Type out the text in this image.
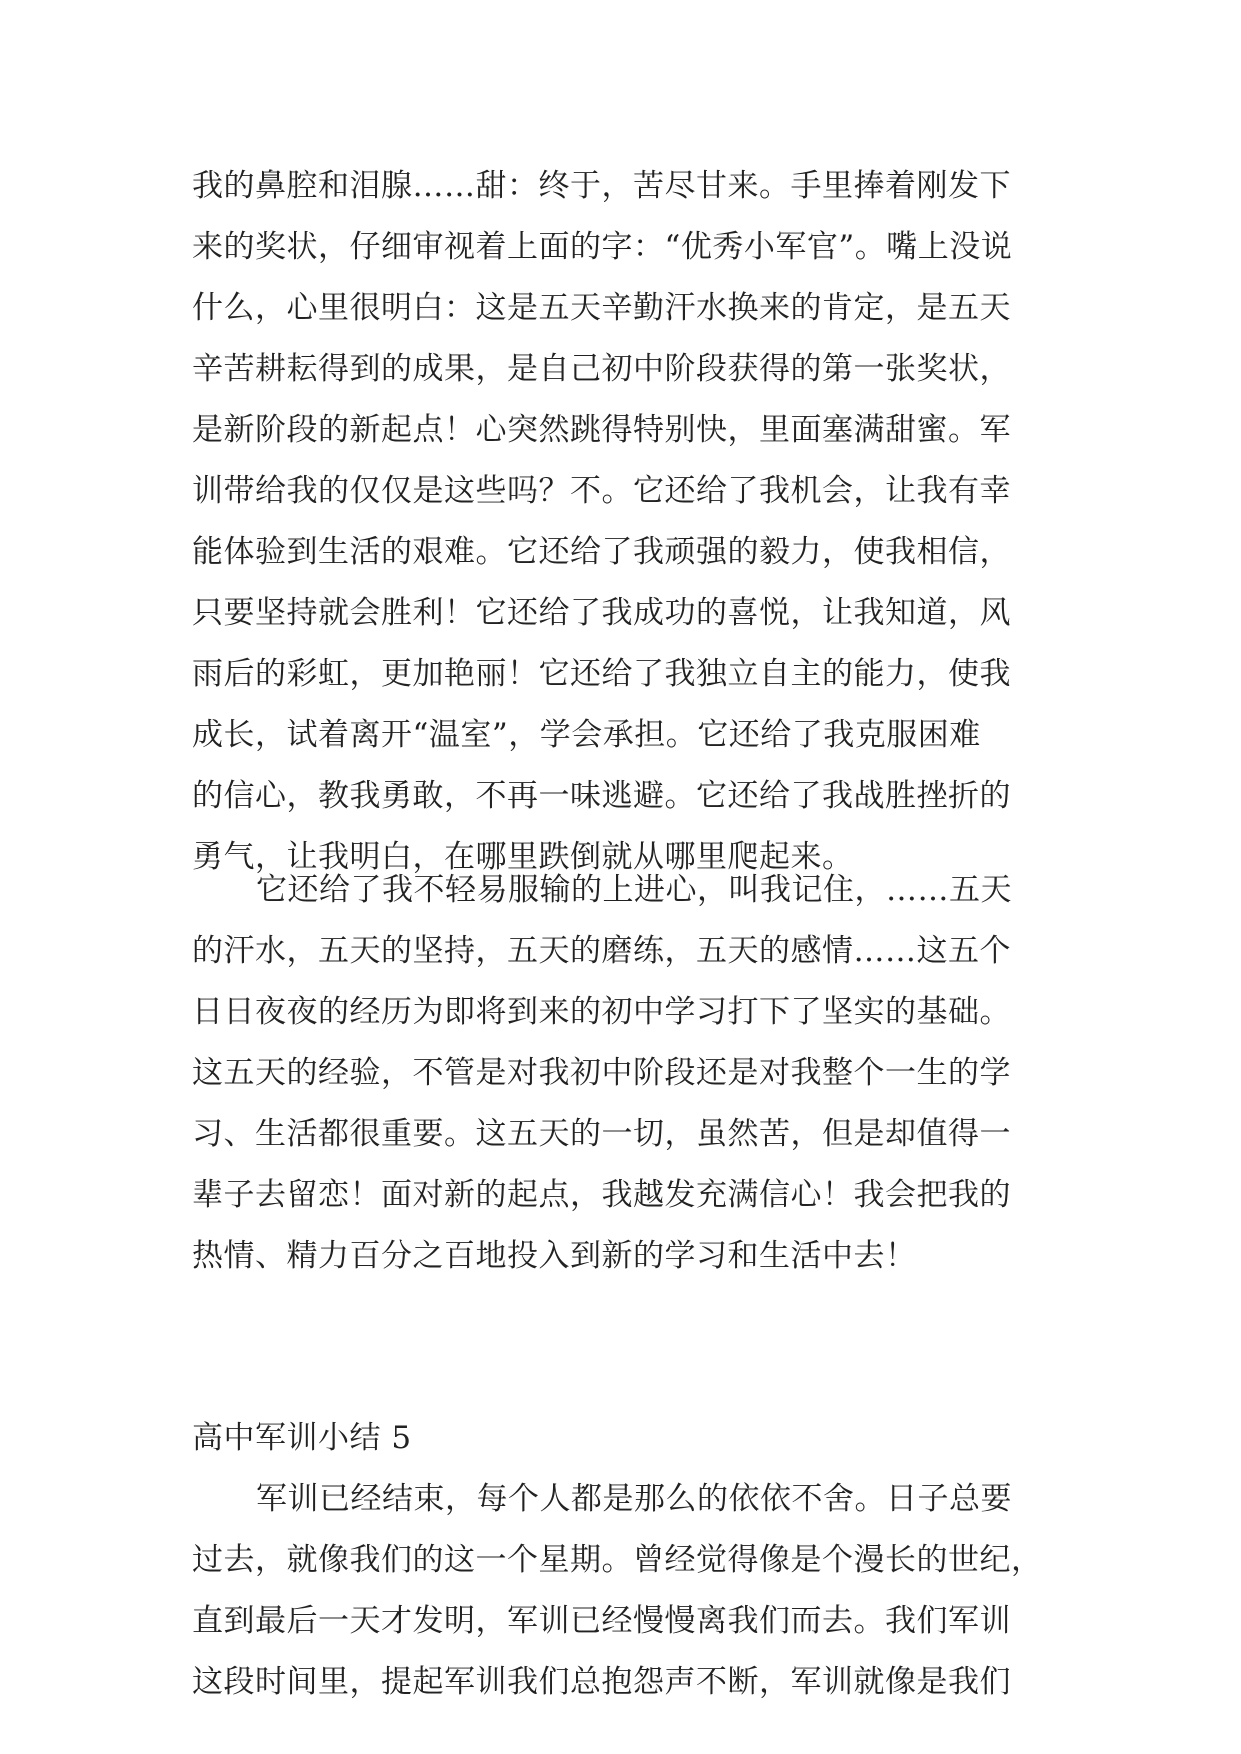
我的鼻腔和泪腺……甜：终于，苦尽甘来。手里捧着刚发下
来的奖状，仔细审视着上面的字：“优秀小军官”。嘴上没说
什么，心里很明白：这是五天辛勤汗水换来的肯定，是五天
辛苦耕耘得到的成果，是自己初中阶段获得的第一张奖状，
是新阶段的新起点！心突然跳得特别快，里面塞满甜蜜。军
训带给我的仅仅是这些吗？不。它还给了我机会，让我有幸
能体验到生活的艰难。它还给了我顽强的毅力，使我相信，
只要坚持就会胜利！它还给了我成功的喜悦，让我知道，风
雨后的彩虹，更加艳丽！它还给了我独立自主的能力，使我
成长，试着离开“温室”，学会承担。它还给了我克服困难
的信心，教我勇敢，不再一味逃避。它还给了我战胜挫折的
勇气，让我明白，在哪里跌倒就从哪里爬起来。
它还给了我不轻易服输的上进心，叫我记住，……五天
的汗水，五天的坚持，五天的磨练，五天的感情……这五个
日日夜夜的经历为即将到来的初中学习打下了坚实的基础。
这五天的经验，不管是对我初中阶段还是对我整个一生的学
习、生活都很重要。这五天的一切，虽然苦，但是却值得一
辈子去留恋！面对新的起点，我越发充满信心！我会把我的
热情、精力百分之百地投入到新的学习和生活中去！
高中军训小结 5
军训已经结束，每个人都是那么的依依不舍。日子总要
过去，就像我们的这一个星期。曾经觉得像是个漫长的世纪，
直到最后一天才发明，军训已经慢慢离我们而去。我们军训
这段时间里，提起军训我们总抱怨声不断，军训就像是我们
